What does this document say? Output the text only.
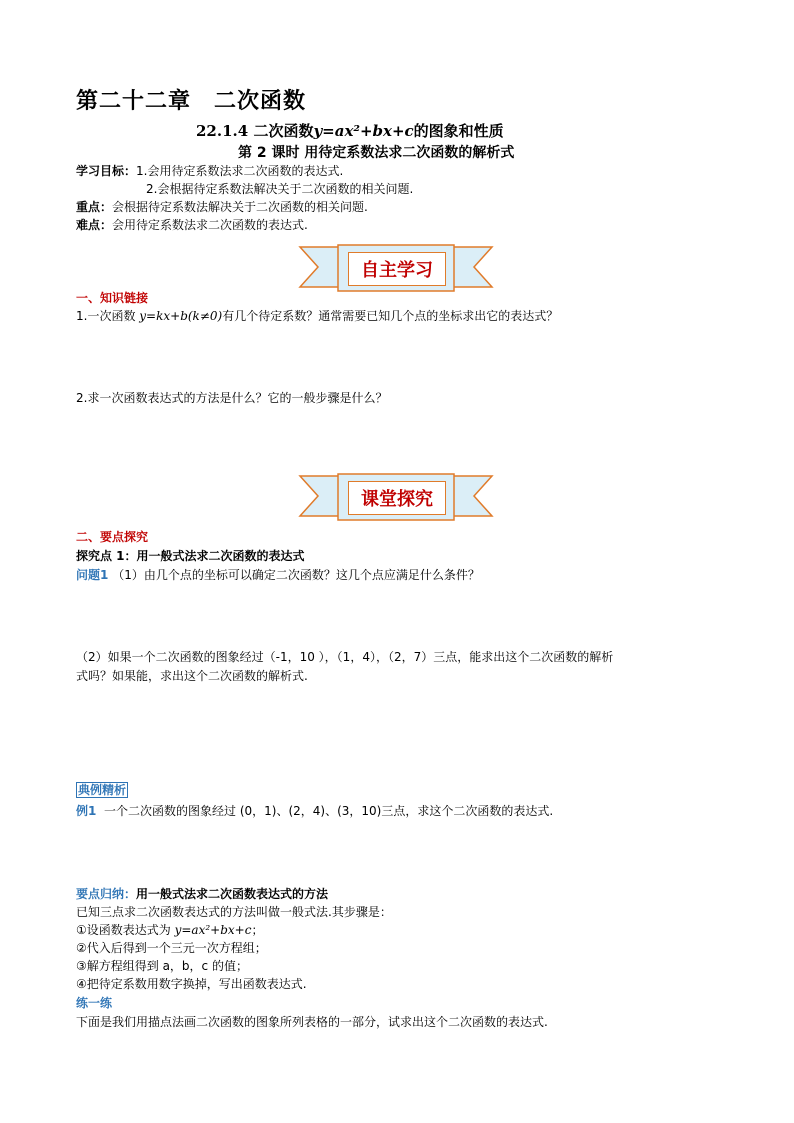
第二十二章　二次函数
22.1.4 二次函数y=ax²+bx+c的图象和性质
第 2 课时 用待定系数法求二次函数的解析式
学习目标：1.会用待定系数法求二次函数的表达式.
2.会根据待定系数法解决关于二次函数的相关问题.
重点：会根据待定系数法解决关于二次函数的相关问题.
难点：会用待定系数法求二次函数的表达式.
自主学习
一、知识链接
1.一次函数 y=kx+b(k≠0)有几个待定系数？通常需要已知几个点的坐标求出它的表达式？
2.求一次函数表达式的方法是什么？它的一般步骤是什么？
课堂探究
二、要点探究
探究点 1：用一般式法求二次函数的表达式
问题1 （1）由几个点的坐标可以确定二次函数？这几个点应满足什么条件？
（2）如果一个二次函数的图象经过（-1，10 ），（1，4），（2，7）三点，能求出这个二次函数的解析
式吗？如果能，求出这个二次函数的解析式.
典例精析
例1 一个二次函数的图象经过 (0，1)、(2，4)、(3，10)三点，求这个二次函数的表达式.
要点归纳：用一般式法求二次函数表达式的方法
已知三点求二次函数表达式的方法叫做一般式法.其步骤是：
①设函数表达式为 y=ax²+bx+c；
②代入后得到一个三元一次方程组；
③解方程组得到 a，b，c 的值；
④把待定系数用数字换掉，写出函数表达式.
练一练
下面是我们用描点法画二次函数的图象所列表格的一部分，试求出这个二次函数的表达式.
